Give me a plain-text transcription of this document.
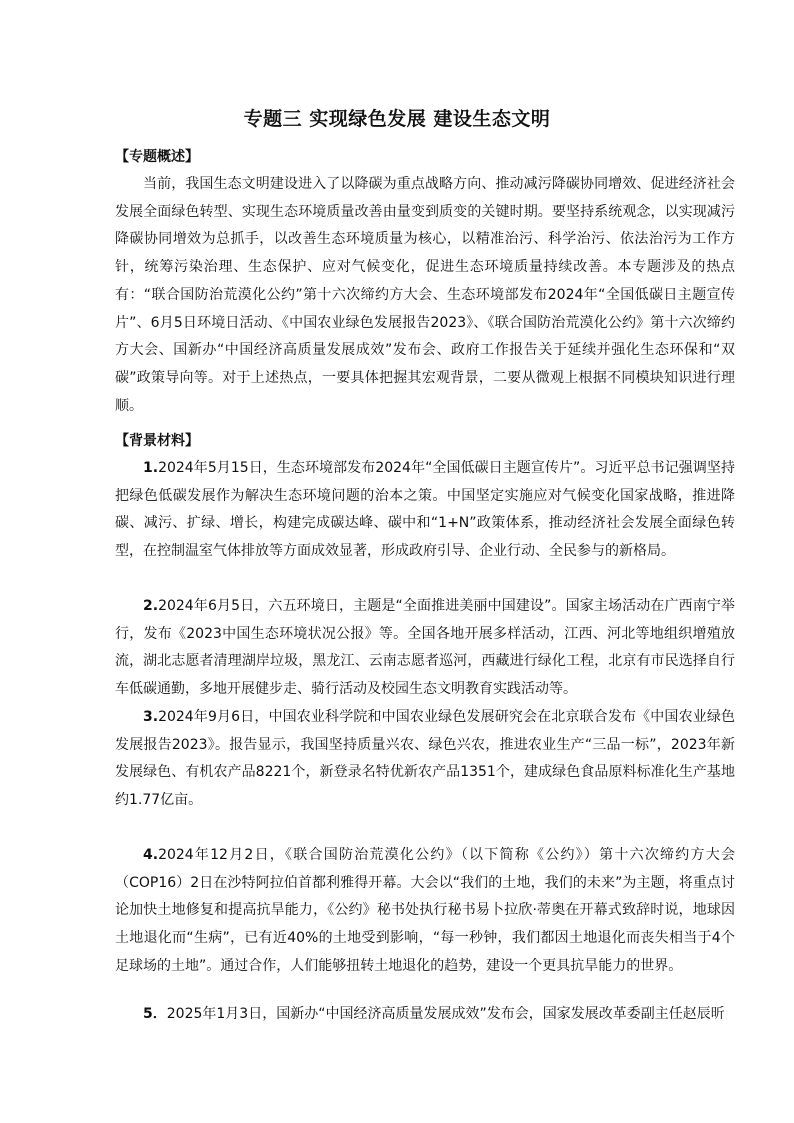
专题三 实现绿色发展 建设生态文明
【专题概述】

当前，我国生态文明建设进入了以降碳为重点战略方向、推动减污降碳协同增效、促进经济社会发展全面绿色转型、实现生态环境质量改善由量变到质变的关键时期。要坚持系统观念，以实现减污降碳协同增效为总抓手，以改善生态环境质量为核心，以精准治污、科学治污、依法治污为工作方针，统筹污染治理、生态保护、应对气候变化，促进生态环境质量持续改善。本专题涉及的热点有：“联合国防治荒漠化公约”第十六次缔约方大会、生态环境部发布2024年“全国低碳日主题宣传片”、6月5日环境日活动、《中国农业绿色发展报告2023》、《联合国防治荒漠化公约》第十六次缔约方大会、国新办“中国经济高质量发展成效”发布会、政府工作报告关于延续并强化生态环保和“双碳”政策导向等。对于上述热点，一要具体把握其宏观背景，二要从微观上根据不同模块知识进行理顺。

【背景材料】

1.2024年5月15日，生态环境部发布2024年“全国低碳日主题宣传片”。习近平总书记强调坚持把绿色低碳发展作为解决生态环境问题的治本之策。中国坚定实施应对气候变化国家战略，推进降碳、减污、扩绿、增长，构建完成碳达峰、碳中和“1+N”政策体系，推动经济社会发展全面绿色转型，在控制温室气体排放等方面成效显著，形成政府引导、企业行动、全民参与的新格局。

2.2024年6月5日，六五环境日，主题是“全面推进美丽中国建设”。国家主场活动在广西南宁举行，发布《2023中国生态环境状况公报》等。全国各地开展多样活动，江西、河北等地组织增殖放流，湖北志愿者清理湖岸垃圾，黑龙江、云南志愿者巡河，西藏进行绿化工程，北京有市民选择自行车低碳通勤，多地开展健步走、骑行活动及校园生态文明教育实践活动等。

3.2024年9月6日，中国农业科学院和中国农业绿色发展研究会在北京联合发布《中国农业绿色发展报告2023》。报告显示，我国坚持质量兴农、绿色兴农，推进农业生产“三品一标”，2023年新发展绿色、有机农产品8221个，新登录名特优新农产品1351个，建成绿色食品原料标准化生产基地约1.77亿亩。

4.2024年12月2日，《联合国防治荒漠化公约》（以下简称《公约》）第十六次缔约方大会（COP16）2日在沙特阿拉伯首都利雅得开幕。大会以“我们的土地，我们的未来”为主题，将重点讨论加快土地修复和提高抗旱能力，《公约》秘书处执行秘书易卜拉欣·蒂奥在开幕式致辞时说，地球因土地退化而“生病”，已有近40%的土地受到影响，“每一秒钟，我们都因土地退化而丧失相当于4个足球场的土地”。通过合作，人们能够扭转土地退化的趋势，建设一个更具抗旱能力的世界。

5．2025年1月3日，国新办“中国经济高质量发展成效”发布会，国家发展改革委副主任赵辰昕
